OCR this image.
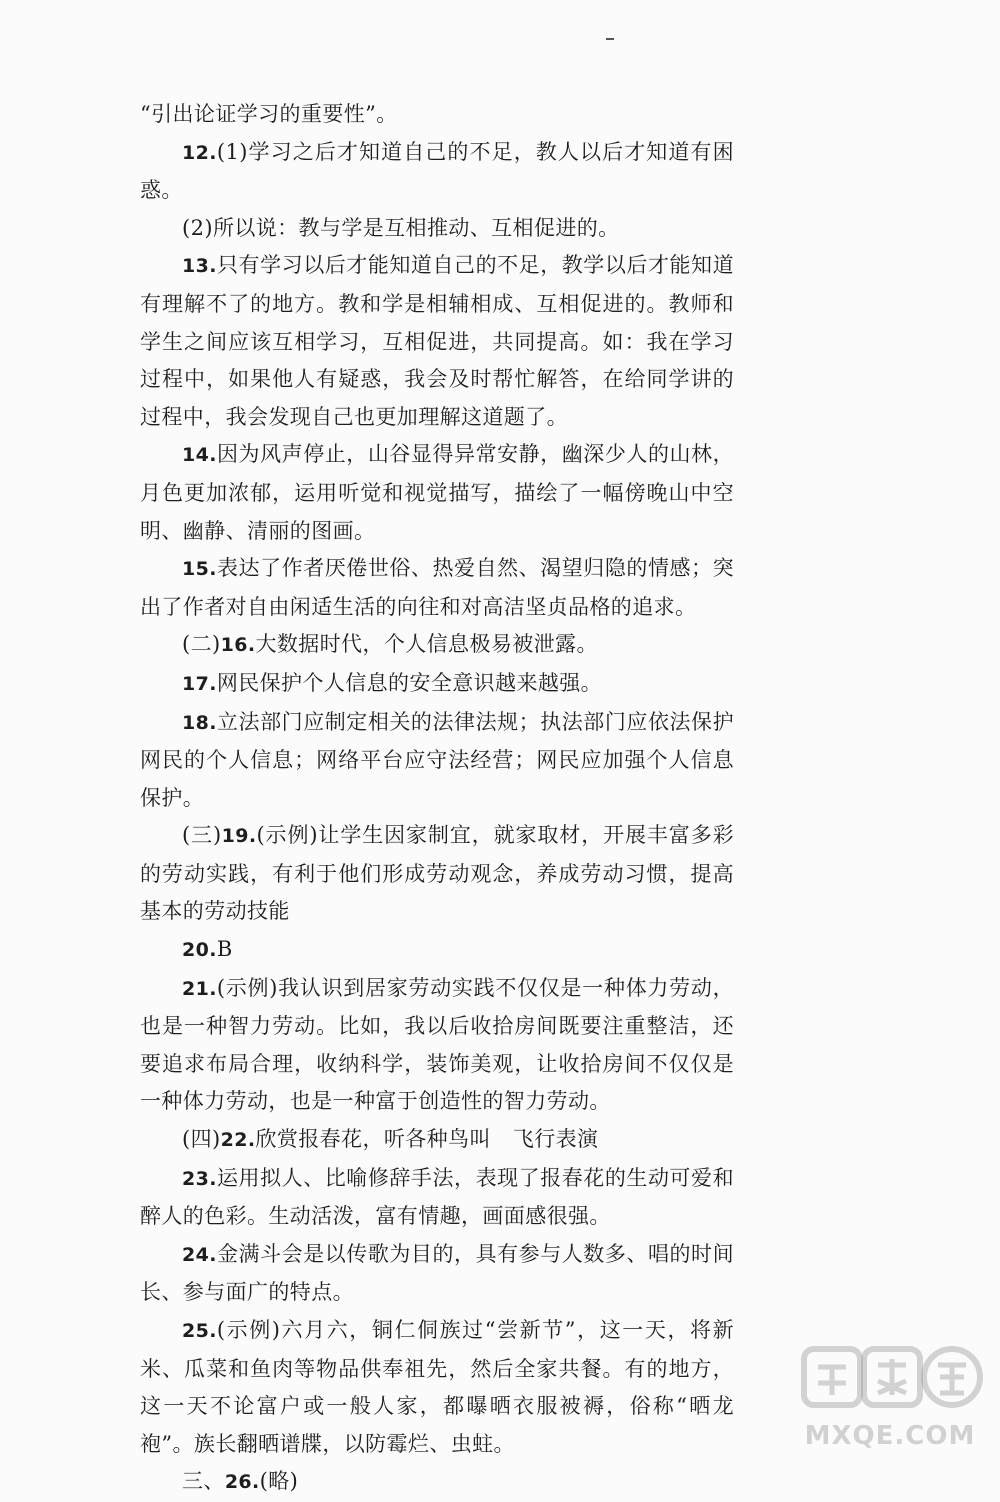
“引出论证学习的重要性”。

12.(1)学习之后才知道自己的不足，教人以后才知道有困惑。

(2)所以说：教与学是互相推动、互相促进的。

13.只有学习以后才能知道自己的不足，教学以后才能知道有理解不了的地方。教和学是相辅相成、互相促进的。教师和学生之间应该互相学习，互相促进，共同提高。如：我在学习过程中，如果他人有疑惑，我会及时帮忙解答，在给同学讲的过程中，我会发现自己也更加理解这道题了。

14.因为风声停止，山谷显得异常安静，幽深少人的山林，月色更加浓郁，运用听觉和视觉描写，描绘了一幅傍晚山中空明、幽静、清丽的图画。

15.表达了作者厌倦世俗、热爱自然、渴望归隐的情感；突出了作者对自由闲适生活的向往和对高洁坚贞品格的追求。

(二)16.大数据时代，个人信息极易被泄露。

17.网民保护个人信息的安全意识越来越强。

18.立法部门应制定相关的法律法规；执法部门应依法保护网民的个人信息；网络平台应守法经营；网民应加强个人信息保护。

(三)19.(示例)让学生因家制宜，就家取材，开展丰富多彩的劳动实践，有利于他们形成劳动观念，养成劳动习惯，提高基本的劳动技能

20.B

21.(示例)我认识到居家劳动实践不仅仅是一种体力劳动，也是一种智力劳动。比如，我以后收拾房间既要注重整洁，还要追求布局合理，收纳科学，装饰美观，让收拾房间不仅仅是一种体力劳动，也是一种富于创造性的智力劳动。

(四)22.欣赏报春花，听各种鸟叫 飞行表演

23.运用拟人、比喻修辞手法，表现了报春花的生动可爱和醉人的色彩。生动活泼，富有情趣，画面感很强。

24.金满斗会是以传歌为目的，具有参与人数多、唱的时间长、参与面广的特点。

25.(示例)六月六，铜仁侗族过“尝新节”，这一天，将新米、瓜菜和鱼肉等物品供奉祖先，然后全家共餐。有的地方，这一天不论富户或一般人家，都曝晒衣服被褥，俗称“晒龙袍”。族长翻晒谱牒，以防霉烂、虫蛀。

三、26.(略)

MXQE.COM
